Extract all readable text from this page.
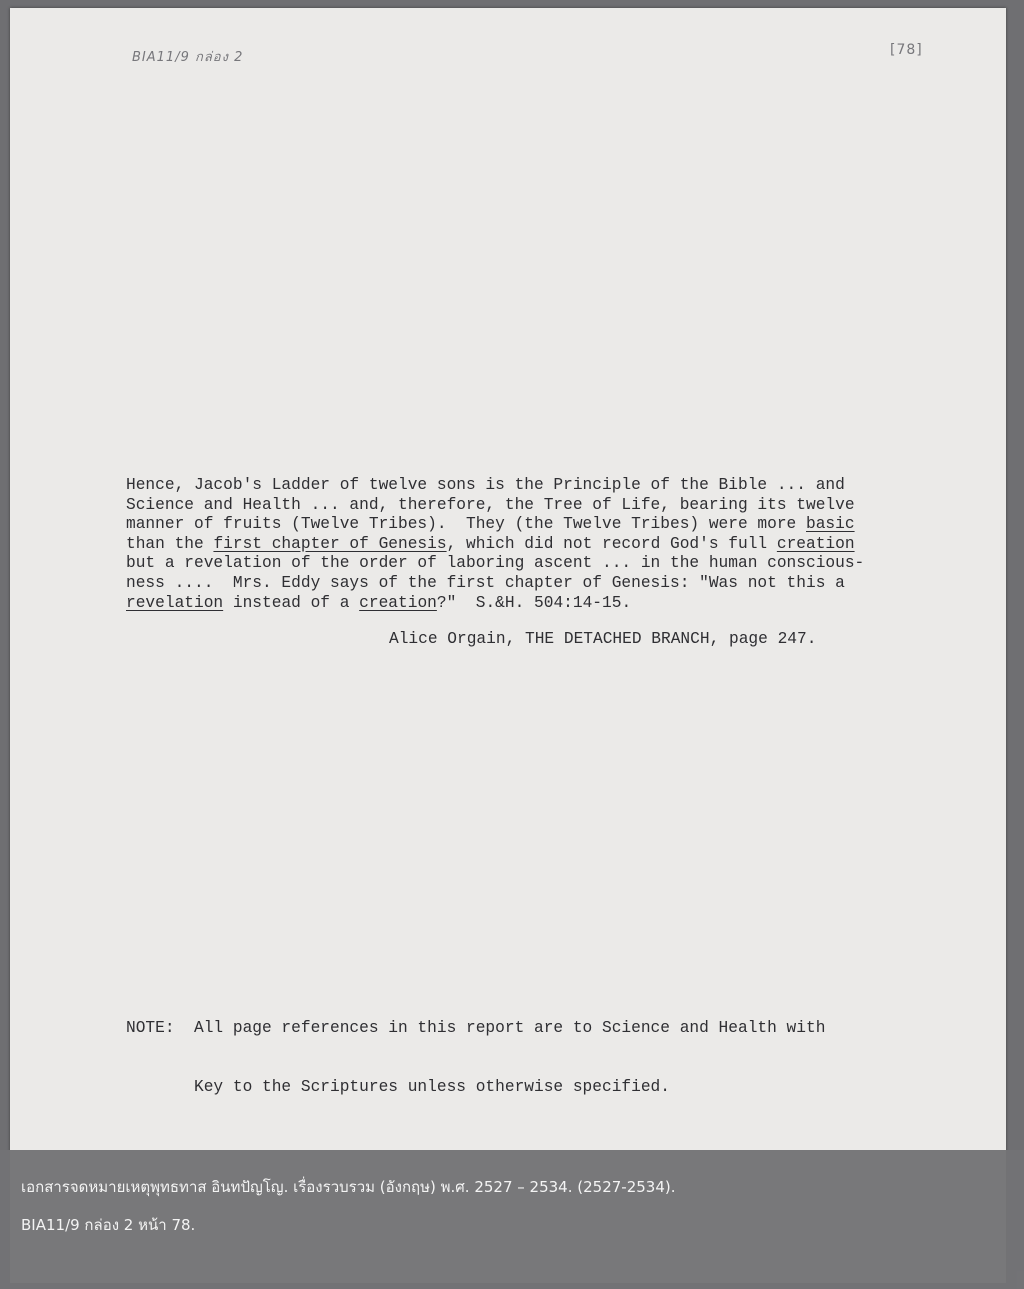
BIA11/9 กล่อง 2	[78]
Hence, Jacob's Ladder of twelve sons is the Principle of the Bible ... and
Science and Health ... and, therefore, the Tree of Life, bearing its twelve
manner of fruits (Twelve Tribes).  They (the Twelve Tribes) were more basic
than the first chapter of Genesis, which did not record God's full creation
but a revelation of the order of laboring ascent ... in the human conscious-
ness ....  Mrs. Eddy says of the first chapter of Genesis: "Was not this a
revelation instead of a creation?"  S.&H. 504:14-15.
Alice Orgain, THE DETACHED BRANCH, page 247.

NOTE:  All page references in this report are to Science and Health with

Key to the Scriptures unless otherwise specified.

เอกสารจดหมายเหตุพุทธทาส อินทปัญโญ. เรื่องรวบรวม (อังกฤษ) พ.ศ. 2527 – 2534. (2527-2534).
BIA11/9 กล่อง 2 หน้า 78.
